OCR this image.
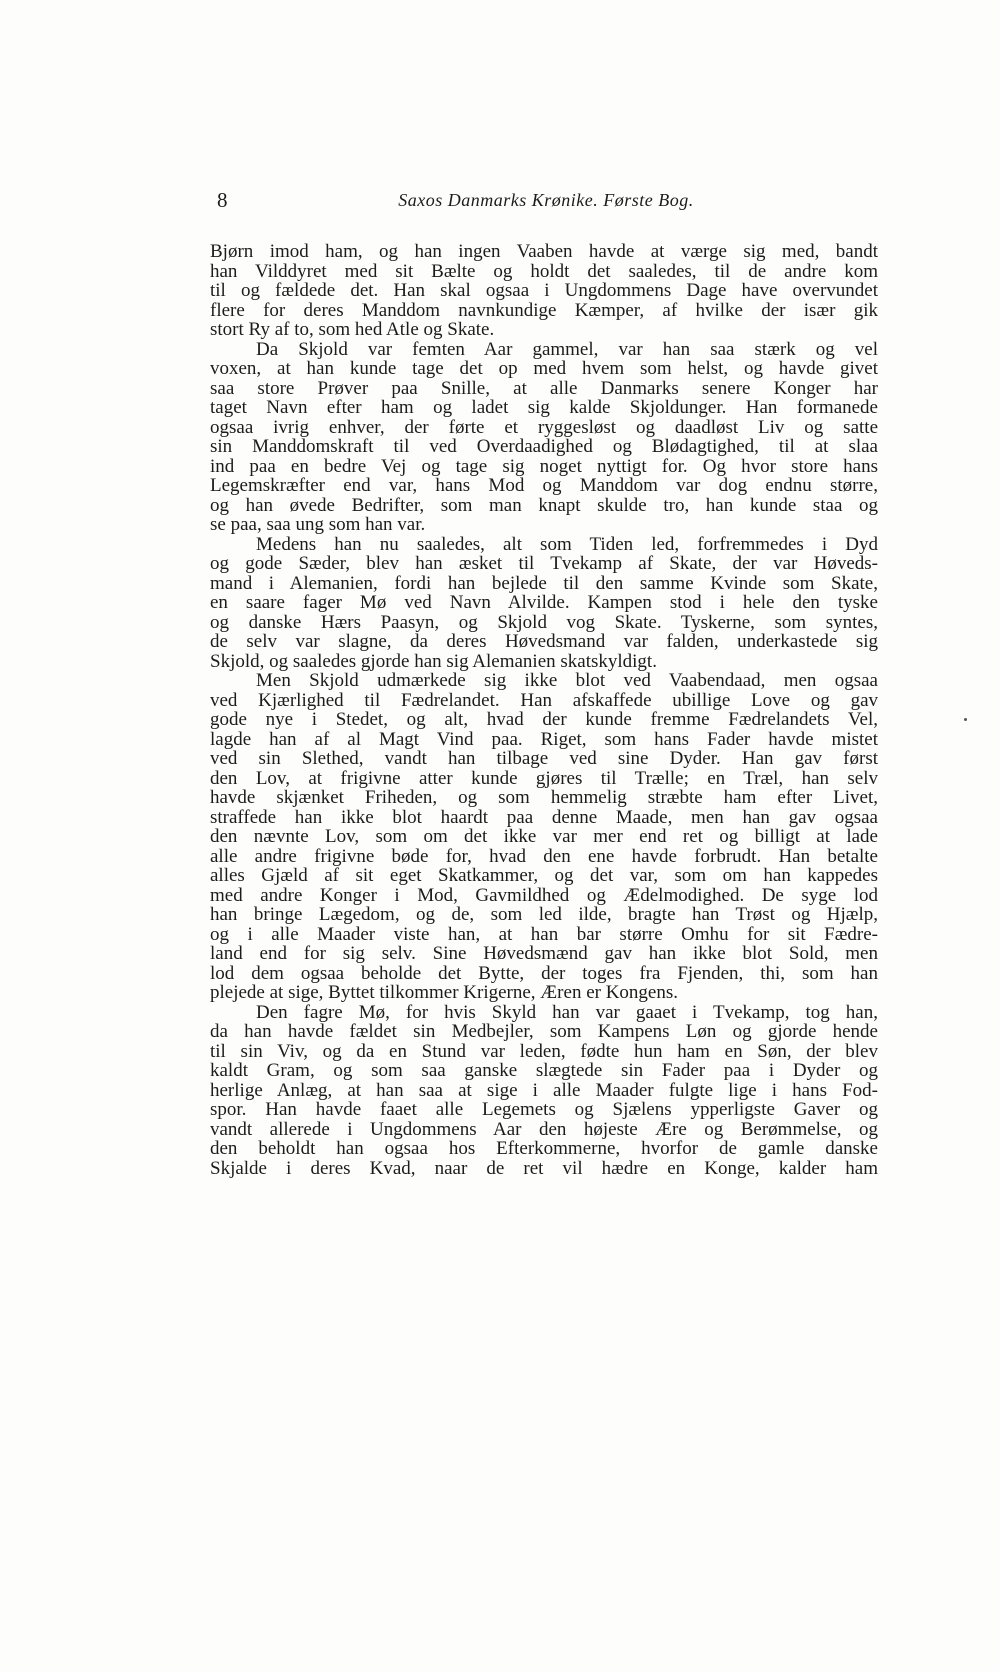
8	Saxos Danmarks Krønike. Første Bog.
Bjørn imod ham, og han ingen Vaaben havde at værge sig med, bandt
han Vilddyret med sit Bælte og holdt det saaledes, til de andre kom
til og fældede det. Han skal ogsaa i Ungdommens Dage have overvundet
flere for deres Manddom navnkundige Kæmper, af hvilke der især gik
stort Ry af to, som hed Atle og Skate.
Da Skjold var femten Aar gammel, var han saa stærk og vel
voxen, at han kunde tage det op med hvem som helst, og havde givet
saa store Prøver paa Snille, at alle Danmarks senere Konger har
taget Navn efter ham og ladet sig kalde Skjoldunger. Han formanede
ogsaa ivrig enhver, der førte et ryggesløst og daadløst Liv og satte
sin Manddomskraft til ved Overdaadighed og Blødagtighed, til at slaa
ind paa en bedre Vej og tage sig noget nyttigt for. Og hvor store hans
Legemskræfter end var, hans Mod og Manddom var dog endnu større,
og han øvede Bedrifter, som man knapt skulde tro, han kunde staa og
se paa, saa ung som han var.
Medens han nu saaledes, alt som Tiden led, forfremmedes i Dyd
og gode Sæder, blev han æsket til Tvekamp af Skate, der var Høveds-
mand i Alemanien, fordi han bejlede til den samme Kvinde som Skate,
en saare fager Mø ved Navn Alvilde. Kampen stod i hele den tyske
og danske Hærs Paasyn, og Skjold vog Skate. Tyskerne, som syntes,
de selv var slagne, da deres Høvedsmand var falden, underkastede sig
Skjold, og saaledes gjorde han sig Alemanien skatskyldigt.
Men Skjold udmærkede sig ikke blot ved Vaabendaad, men ogsaa
ved Kjærlighed til Fædrelandet. Han afskaffede ubillige Love og gav
gode nye i Stedet, og alt, hvad der kunde fremme Fædrelandets Vel,
lagde han af al Magt Vind paa. Riget, som hans Fader havde mistet
ved sin Slethed, vandt han tilbage ved sine Dyder. Han gav først
den Lov, at frigivne atter kunde gjøres til Trælle; en Træl, han selv
havde skjænket Friheden, og som hemmelig stræbte ham efter Livet,
straffede han ikke blot haardt paa denne Maade, men han gav ogsaa
den nævnte Lov, som om det ikke var mer end ret og billigt at lade
alle andre frigivne bøde for, hvad den ene havde forbrudt. Han betalte
alles Gjæld af sit eget Skatkammer, og det var, som om han kappedes
med andre Konger i Mod, Gavmildhed og Ædelmodighed. De syge lod
han bringe Lægedom, og de, som led ilde, bragte han Trøst og Hjælp,
og i alle Maader viste han, at han bar større Omhu for sit Fædre-
land end for sig selv. Sine Høvedsmænd gav han ikke blot Sold, men
lod dem ogsaa beholde det Bytte, der toges fra Fjenden, thi, som han
plejede at sige, Byttet tilkommer Krigerne, Æren er Kongens.
Den fagre Mø, for hvis Skyld han var gaaet i Tvekamp, tog han,
da han havde fældet sin Medbejler, som Kampens Løn og gjorde hende
til sin Viv, og da en Stund var leden, fødte hun ham en Søn, der blev
kaldt Gram, og som saa ganske slægtede sin Fader paa i Dyder og
herlige Anlæg, at han saa at sige i alle Maader fulgte lige i hans Fod-
spor. Han havde faaet alle Legemets og Sjælens ypperligste Gaver og
vandt allerede i Ungdommens Aar den højeste Ære og Berømmelse, og
den beholdt han ogsaa hos Efterkommerne, hvorfor de gamle danske
Skjalde i deres Kvad, naar de ret vil hædre en Konge, kalder ham
